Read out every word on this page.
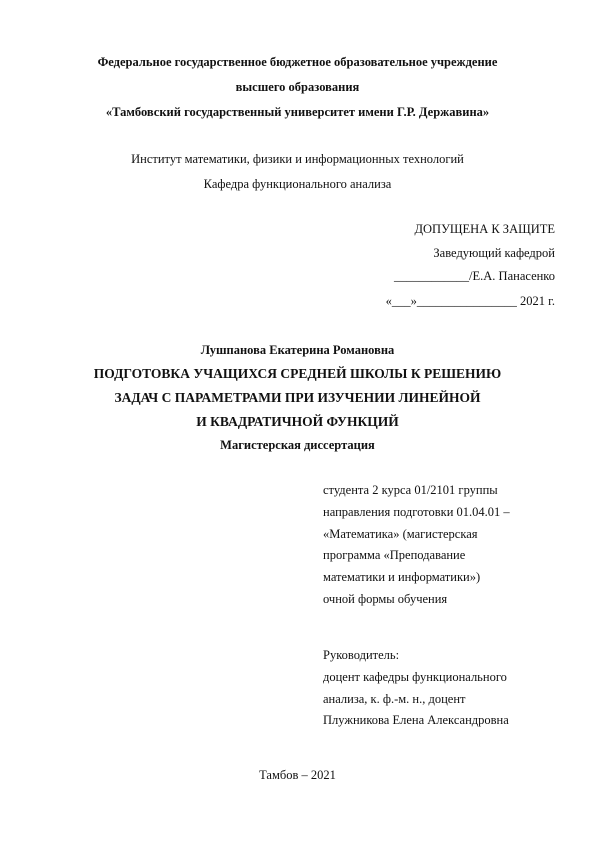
Федеральное государственное бюджетное образовательное учреждение
высшего образования
«Тамбовский государственный университет имени Г.Р. Державина»
Институт математики, физики и информационных технологий
Кафедра функционального анализа
ДОПУЩЕНА К ЗАЩИТЕ
Заведующий кафедрой
____________/Е.А. Панасенко
«___»________________ 2021 г.
Лушпанова Екатерина Романовна
ПОДГОТОВКА УЧАЩИХСЯ СРЕДНЕЙ ШКОЛЫ К РЕШЕНИЮ
ЗАДАЧ С ПАРАМЕТРАМИ ПРИ ИЗУЧЕНИИ ЛИНЕЙНОЙ
И КВАДРАТИЧНОЙ ФУНКЦИЙ
Магистерская диссертация
студента 2 курса 01/2101 группы
направления подготовки 01.04.01 –
«Математика» (магистерская
программа «Преподавание
математики и информатики»)
очной формы обучения
Руководитель:
доцент кафедры функционального
анализа, к. ф.-м. н., доцент
Плужникова Елена Александровна
Тамбов – 2021
